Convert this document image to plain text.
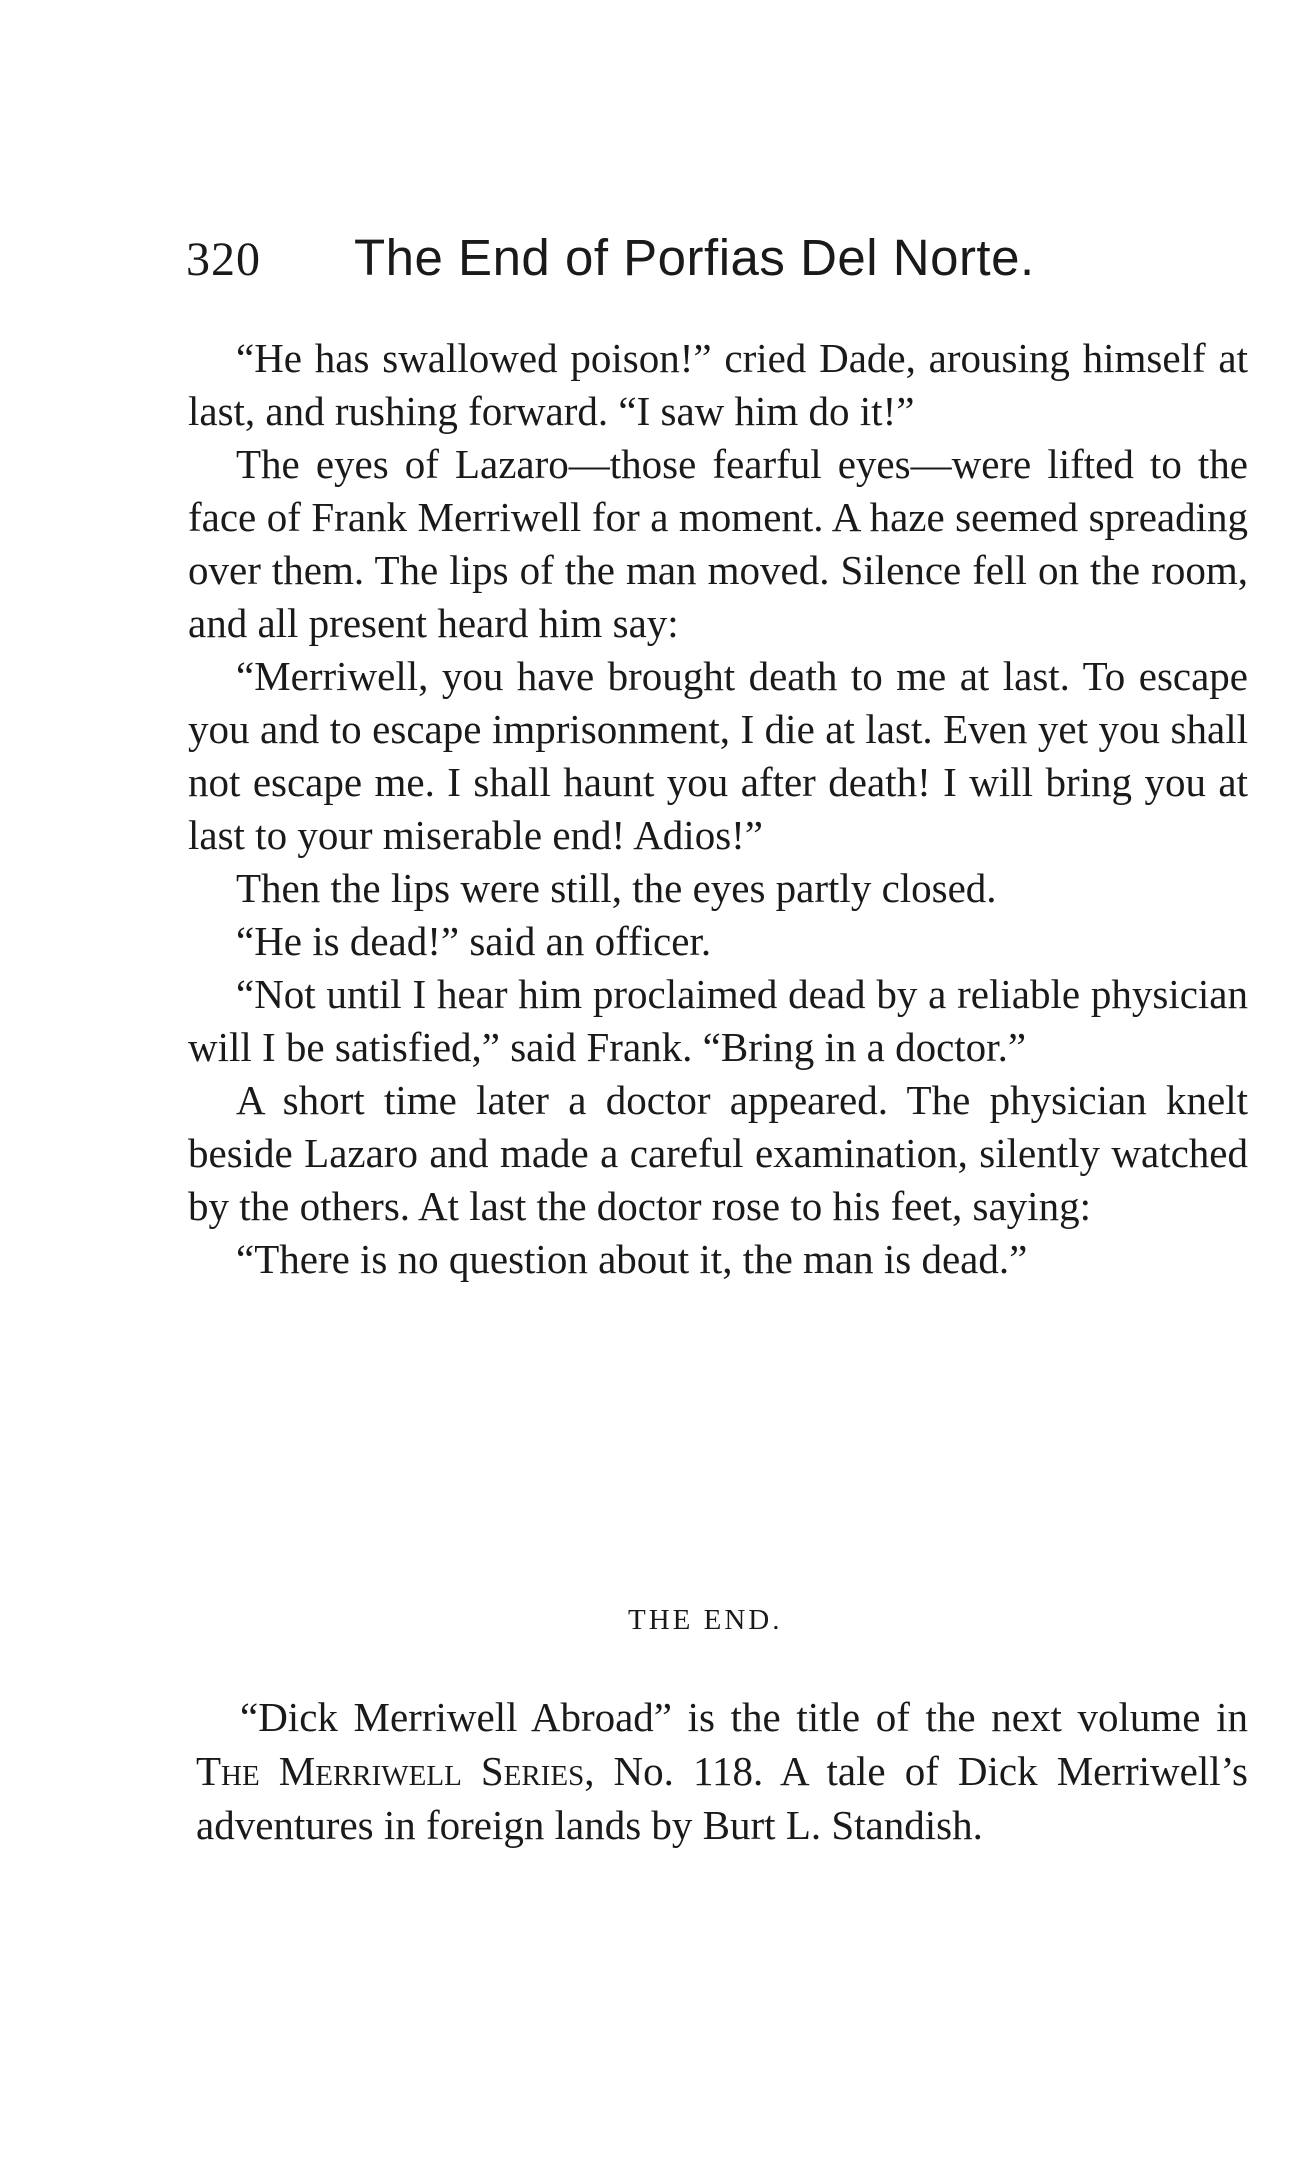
320 The End of Porfias Del Norte.

“He has swallowed poison!” cried Dade, arousing himself at last, and rushing forward. “I saw him do it!”

The eyes of Lazaro—those fearful eyes—were lifted to the face of Frank Merriwell for a moment. A haze seemed spreading over them. The lips of the man moved. Silence fell on the room, and all present heard him say:

“Merriwell, you have brought death to me at last. To escape you and to escape imprisonment, I die at last. Even yet you shall not escape me. I shall haunt you after death! I will bring you at last to your miserable end! Adios!”

Then the lips were still, the eyes partly closed.

“He is dead!” said an officer.

“Not until I hear him proclaimed dead by a reliable physician will I be satisfied,” said Frank. “Bring in a doctor.”

A short time later a doctor appeared. The physician knelt beside Lazaro and made a careful examination, silently watched by the others. At last the doctor rose to his feet, saying:

“There is no question about it, the man is dead.”

THE END.

“Dick Merriwell Abroad” is the title of the next volume in The Merriwell Series, No. 118. A tale of Dick Merriwell’s adventures in foreign lands by Burt L. Standish.
